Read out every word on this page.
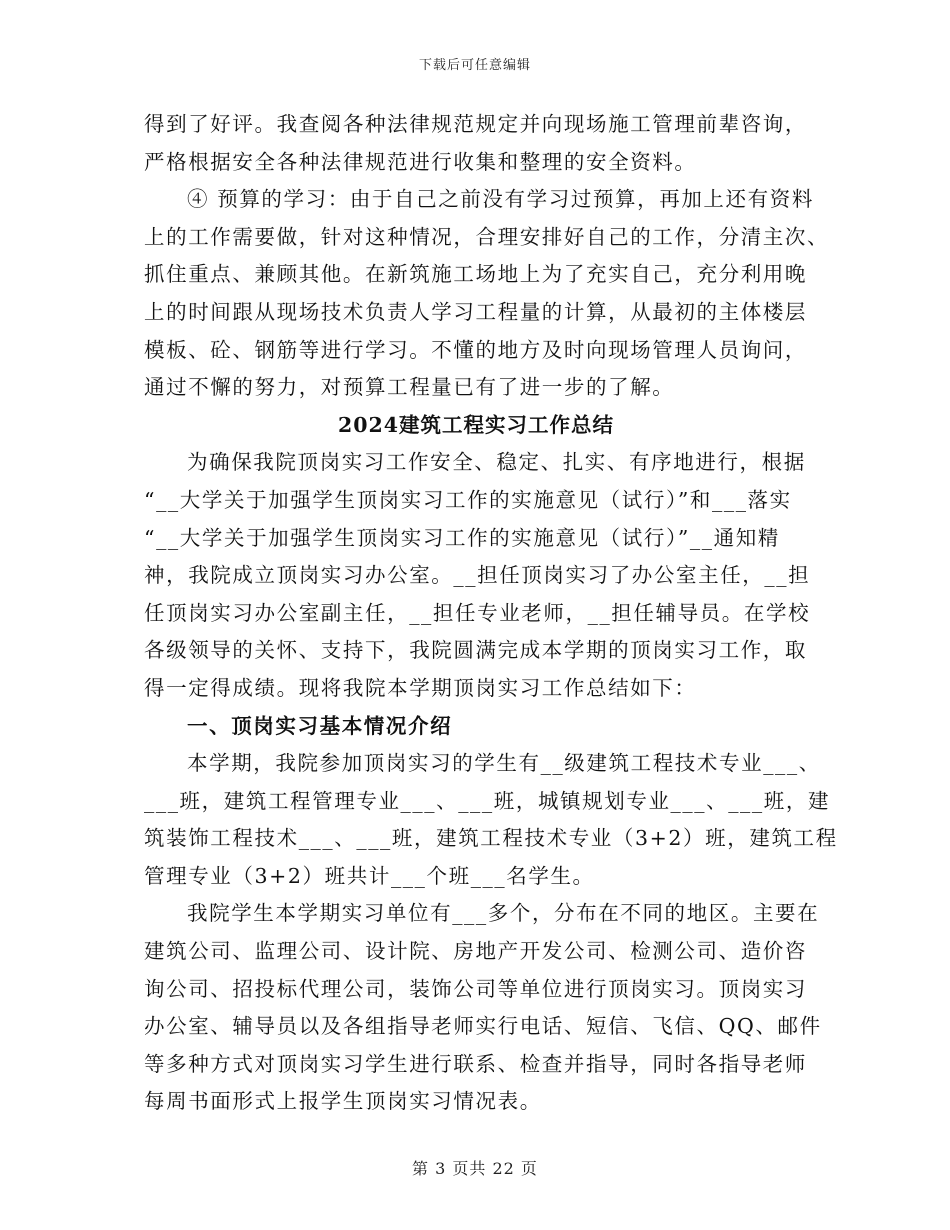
下载后可任意编辑
得到了好评。我查阅各种法律规范规定并向现场施工管理前辈咨询，
严格根据安全各种法律规范进行收集和整理的安全资料。
④ 预算的学习：由于自己之前没有学习过预算，再加上还有资料
上的工作需要做，针对这种情况，合理安排好自己的工作，分清主次、
抓住重点、兼顾其他。在新筑施工场地上为了充实自己，充分利用晚
上的时间跟从现场技术负责人学习工程量的计算，从最初的主体楼层
模板、砼、钢筋等进行学习。不懂的地方及时向现场管理人员询问，
通过不懈的努力，对预算工程量已有了进一步的了解。
2024建筑工程实习工作总结
为确保我院顶岗实习工作安全、稳定、扎实、有序地进行，根据
“__大学关于加强学生顶岗实习工作的实施意见（试行）”和___落实
“__大学关于加强学生顶岗实习工作的实施意见（试行）”__通知精
神，我院成立顶岗实习办公室。__担任顶岗实习了办公室主任，__担
任顶岗实习办公室副主任，__担任专业老师，__担任辅导员。在学校
各级领导的关怀、支持下，我院圆满完成本学期的顶岗实习工作，取
得一定得成绩。现将我院本学期顶岗实习工作总结如下：
一、顶岗实习基本情况介绍
本学期，我院参加顶岗实习的学生有__级建筑工程技术专业___、
___班，建筑工程管理专业___、___班，城镇规划专业___、___班，建
筑装饰工程技术___、___班，建筑工程技术专业（3+2）班，建筑工程
管理专业（3+2）班共计___个班___名学生。
我院学生本学期实习单位有___多个，分布在不同的地区。主要在
建筑公司、监理公司、设计院、房地产开发公司、检测公司、造价咨
询公司、招投标代理公司，装饰公司等单位进行顶岗实习。顶岗实习
办公室、辅导员以及各组指导老师实行电话、短信、飞信、QQ、邮件
等多种方式对顶岗实习学生进行联系、检查并指导，同时各指导老师
每周书面形式上报学生顶岗实习情况表。
第 3 页共 22 页
